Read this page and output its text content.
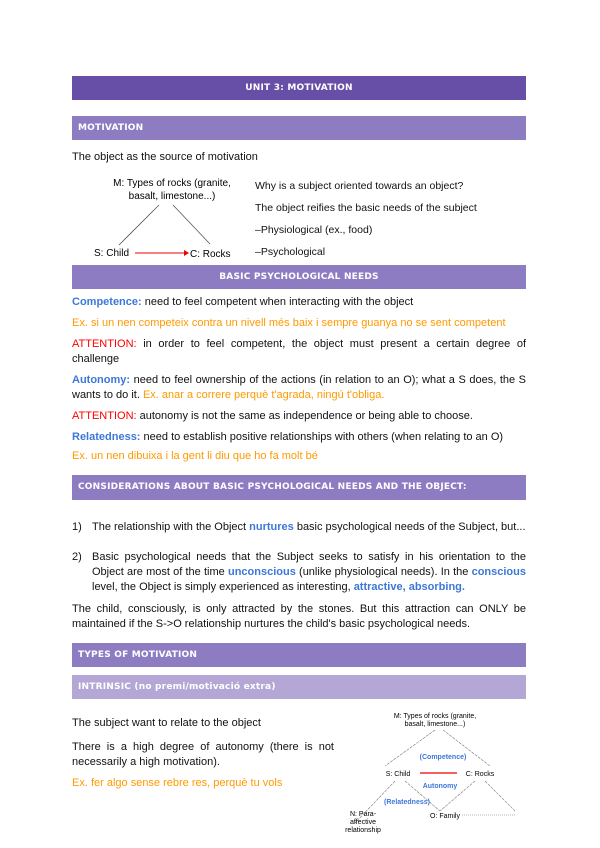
UNIT 3: MOTIVATION
MOTIVATION
The object as the source of motivation
M: Types of rocks (granite,
basalt, limestone...)
S: Child	C: Rocks
Why is a subject oriented towards an object?
The object reifies the basic needs of the subject
–Physiological (ex., food)
–Psychological
BASIC PSYCHOLOGICAL NEEDS
Competence: need to feel competent when interacting with the object
Ex. si un nen competeix contra un nivell més baix i sempre guanya no se sent competent
ATTENTION: in order to feel competent, the object must present a certain degree of challenge
Autonomy: need to feel ownership of the actions (in relation to an O); what a S does, the S wants to do it. Ex. anar a correre perquè t'agrada, ningú t'obliga.
ATTENTION: autonomy is not the same as independence or being able to choose.
Relatedness: need to establish positive relationships with others (when relating to an O)
Ex. un nen dibuixa i la gent li diu que ho fa molt bé
CONSIDERATIONS ABOUT BASIC PSYCHOLOGICAL NEEDS AND THE OBJECT:
1) The relationship with the Object nurtures basic psychological needs of the Subject, but...
2) Basic psychological needs that the Subject seeks to satisfy in his orientation to the Object are most of the time unconscious (unlike physiological needs). In the conscious level, the Object is simply experienced as interesting, attractive, absorbing.
The child, consciously, is only attracted by the stones. But this attraction can ONLY be maintained if the S->O relationship nurtures the child's basic psychological needs.
TYPES OF MOTIVATION
INTRINSIC (no premi/motivació extra)
The subject want to relate to the object
There is a high degree of autonomy (there is not necessarily a high motivation).
Ex. fer algo sense rebre res, perquè tu vols
M: Types of rocks (granite,
basalt, limestone...)
(Competence)
S: Child	C: Rocks
Autonomy
(Relatedness)
N: Para-
affective
relationship
O: Family
